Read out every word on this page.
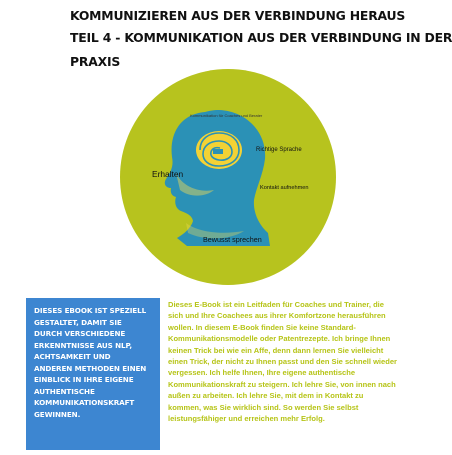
KOMMUNIZIEREN AUS DER VERBINDUNG HERAUS
TEIL 4 - KOMMUNIKATION AUS DER VERBINDUNG IN DER
PRAXIS
Kommunikation für Coaches und Berater
Richtige Sprache
Erhalten
Kontakt aufnehmen
Bewusst sprechen
DIESES EBOOK IST SPEZIELL GESTALTET, DAMIT SIE DURCH VERSCHIEDENE ERKENNTNISSE AUS NLP, ACHTSAMKEIT UND ANDEREN METHODEN EINEN EINBLICK IN IHRE EIGENE AUTHENTISCHE KOMMUNIKATIONSKRAFT GEWINNEN.
Dieses E-Book ist ein Leitfaden für Coaches und Trainer, die sich und Ihre Coachees aus ihrer Komfortzone herausführen wollen. In diesem E-Book finden Sie keine Standard-Kommunikationsmodelle oder Patentrezepte. Ich bringe Ihnen keinen Trick bei wie ein Affe, denn dann lernen Sie vielleicht einen Trick, der nicht zu Ihnen passt und den Sie schnell wieder vergessen. Ich helfe Ihnen, Ihre eigene authentische Kommunikationskraft zu steigern. Ich lehre Sie, von innen nach außen zu arbeiten. Ich lehre Sie, mit dem in Kontakt zu kommen, was Sie wirklich sind. So werden Sie selbst leistungsfähiger und erreichen mehr Erfolg.
